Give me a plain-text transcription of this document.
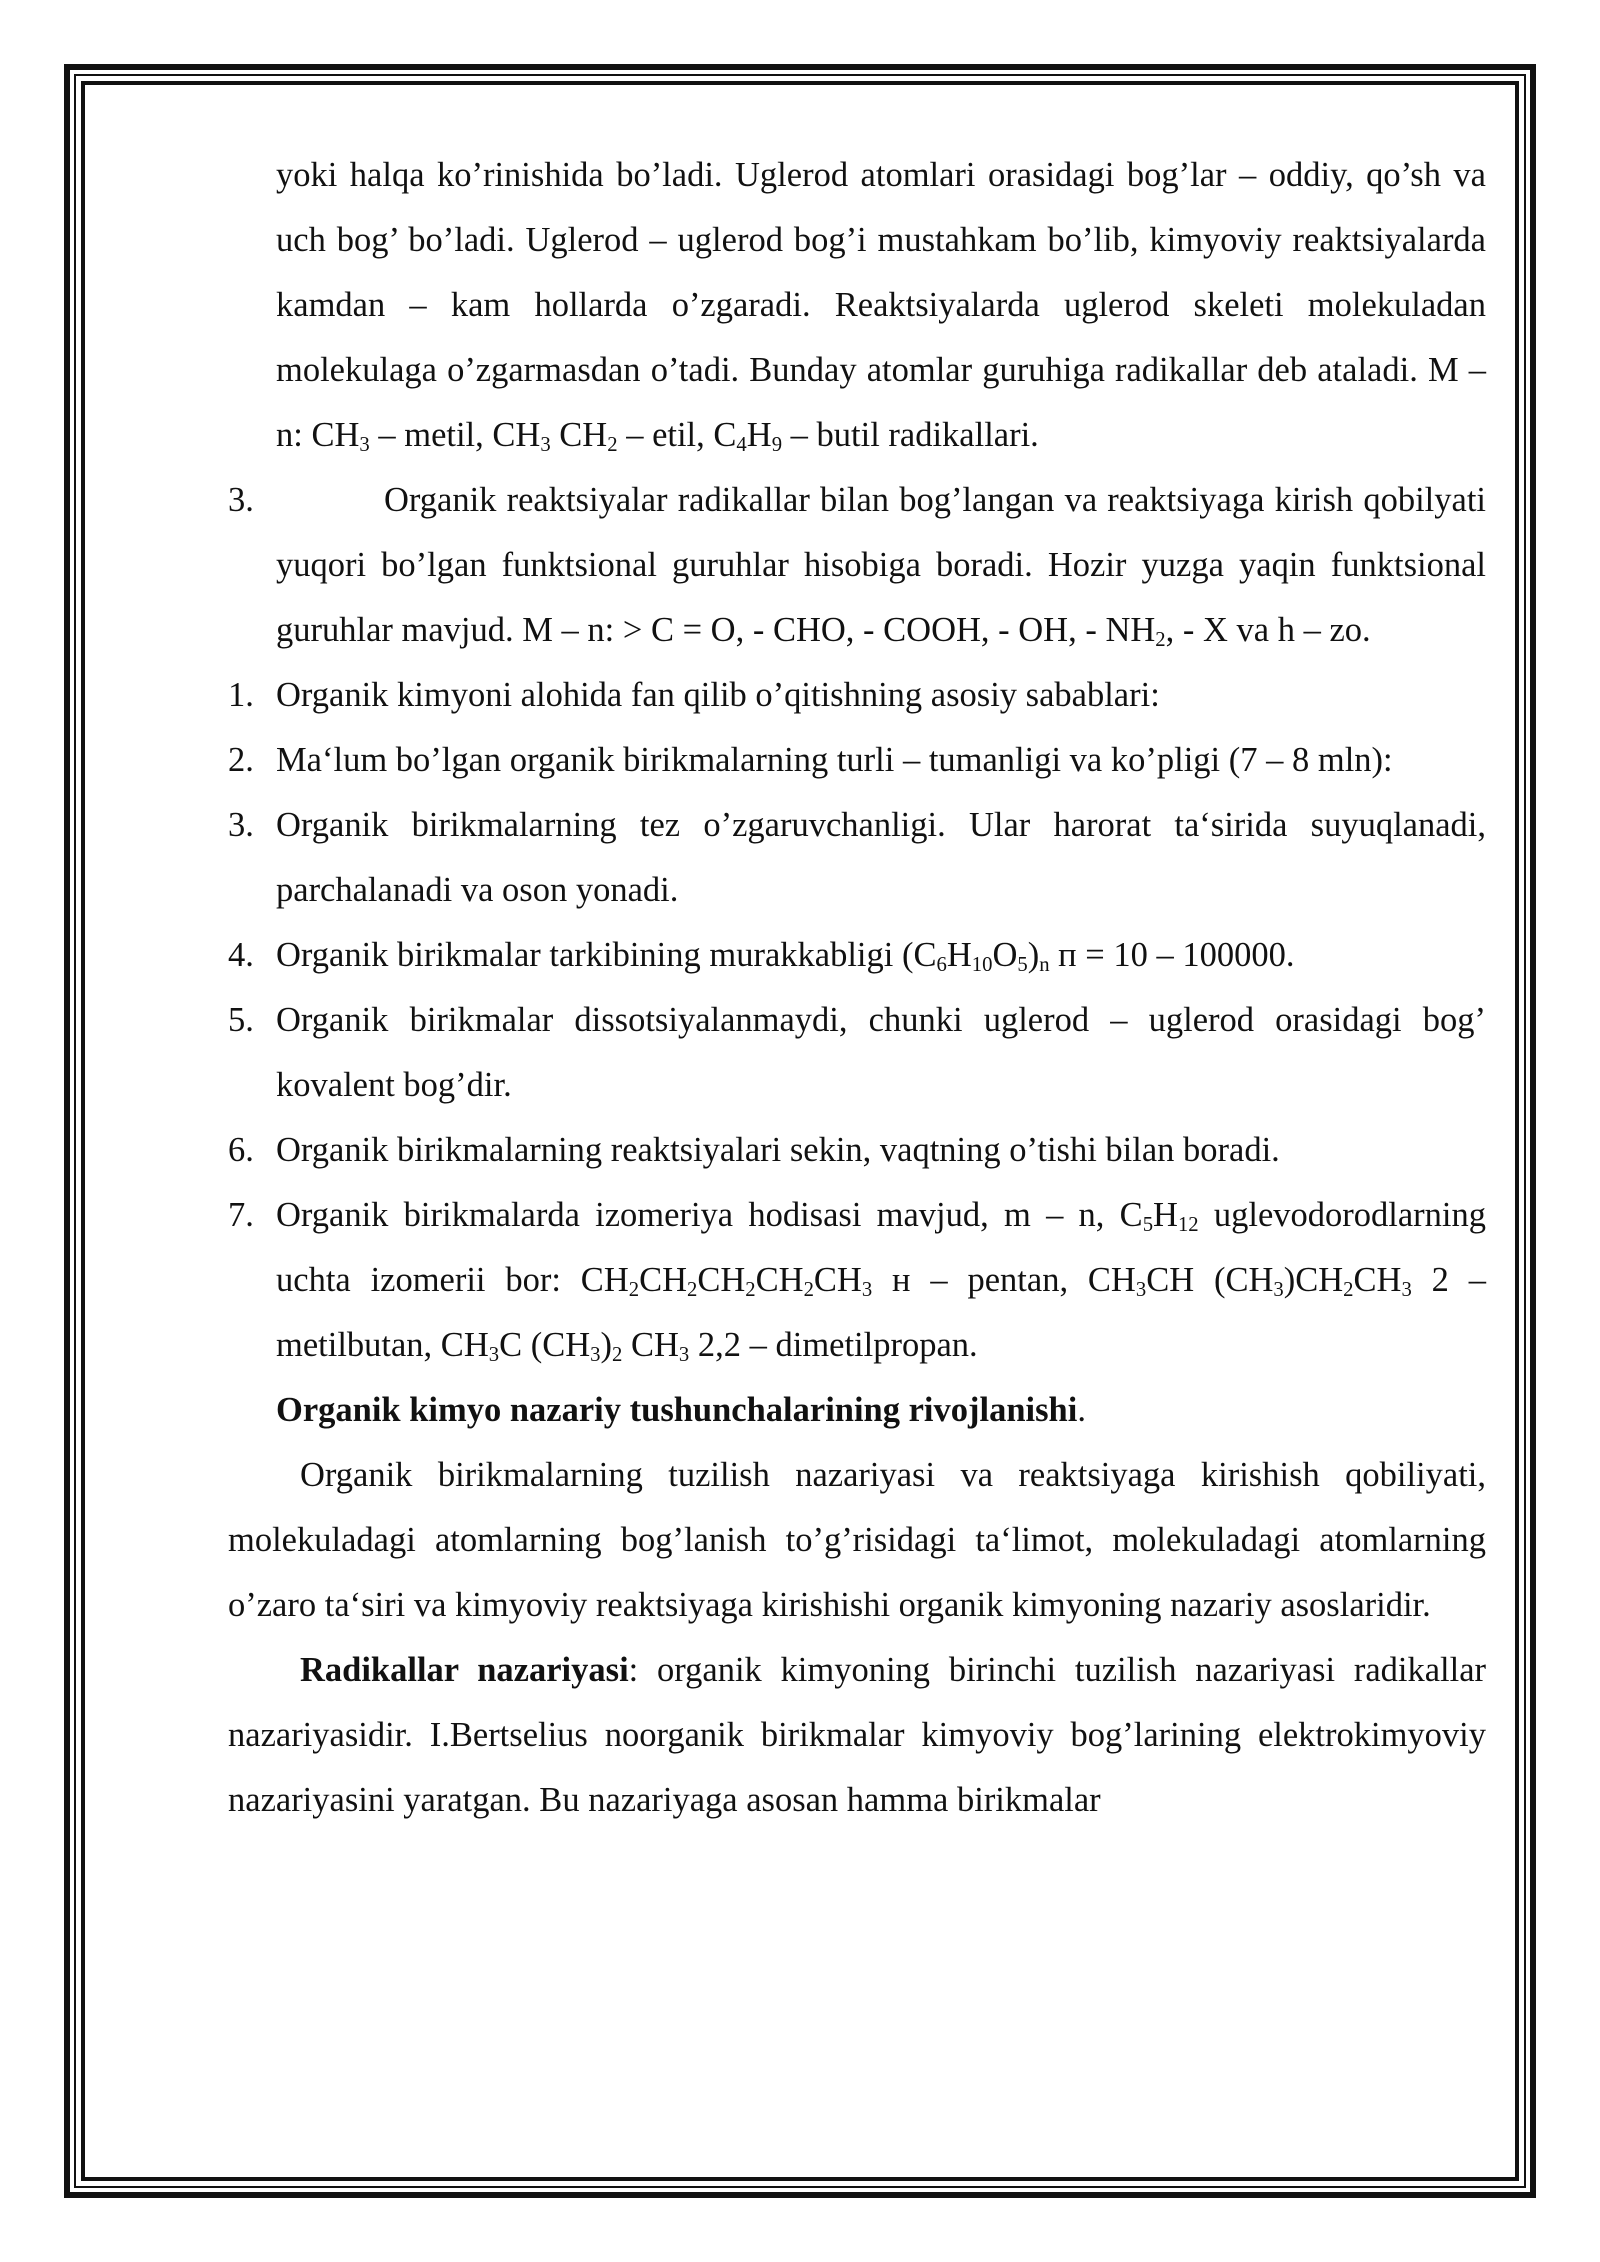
yoki halqa ko’rinishida bo’ladi. Uglerod atomlari orasidagi bog’lar – oddiy, qo’sh va uch bog’ bo’ladi. Uglerod – uglerod bog’i mustahkam bo’lib, kimyoviy reaktsiyalarda kamdan – kam hollarda o’zgaradi. Reaktsiyalarda uglerod skeleti molekuladan molekulaga o’zgarmasdan o’tadi. Bunday atomlar guruhiga radikallar deb ataladi. M – n: $CH_3$ – metil, $CH_3$ $CH_2$ – etil, $C_4H_9$ – butil radikallari.

3.	Organik reaktsiyalar radikallar bilan bog’langan va reaktsiyaga kirish qobilyati yuqori bo’lgan funktsional guruhlar hisobiga boradi. Hozir yuzga yaqin funktsional guruhlar mavjud. M – n: > C = O, - CHO, - COOH, - OH, - $NH_2$, - X va h – zo.

1. Organik kimyoni alohida fan qilib o’qitishning asosiy sabablari:

2. Ma‘lum bo’lgan organik birikmalarning turli – tumanligi va ko’pligi (7 – 8 mln):

3. Organik birikmalarning tez o’zgaruvchanligi. Ular harorat ta‘sirida suyuqlanadi, parchalanadi va oson yonadi.

4. Organik birikmalar tarkibining murakkabligi $(C_6H_{10}O_5)_n$ п = 10 – 100000.

5. Organik birikmalar dissotsiyalanmaydi, chunki uglerod – uglerod orasidagi bog’ kovalent bog’dir.

6. Organik birikmalarning reaktsiyalari sekin, vaqtning o’tishi bilan boradi.

7. Organik birikmalarda izomeriya hodisasi mavjud, m – n, $C_5H_{12}$ uglevodorodlarning uchta izomerii bor: $CH_2CH_2CH_2CH_2CH_3$ н – pentan, $CH_3CH$ $(CH_3)CH_2CH_3$ 2 – metilbutan, $CH_3C$ $(CH_3)_2$ $CH_3$ 2,2 – dimetilpropan.

Organik kimyo nazariy tushunchalarining rivojlanishi.

Organik birikmalarning tuzilish nazariyasi va reaktsiyaga kirishish qobiliyati, molekuladagi atomlarning bog’lanish to’g’risidagi ta‘limot, molekuladagi atomlarning o’zaro ta‘siri va kimyoviy reaktsiyaga kirishishi organik kimyoning nazariy asoslaridir.

Radikallar nazariyasi: organik kimyoning birinchi tuzilish nazariyasi radikallar nazariyasidir. I.Bertselius noorganik birikmalar kimyoviy bog’larining elektrokimyoviy nazariyasini yaratgan. Bu nazariyaga asosan hamma birikmalar
